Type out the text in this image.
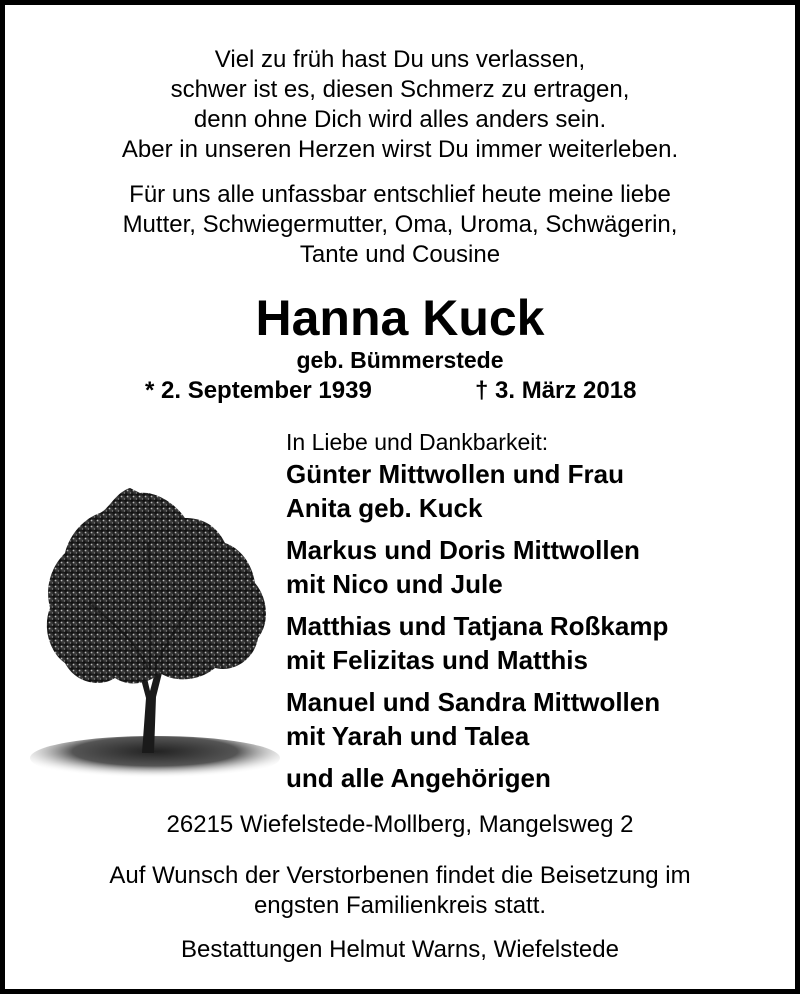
Viel zu früh hast Du uns verlassen,
schwer ist es, diesen Schmerz zu ertragen,
denn ohne Dich wird alles anders sein.
Aber in unseren Herzen wirst Du immer weiterleben.
Für uns alle unfassbar entschlief heute meine liebe
Mutter, Schwiegermutter, Oma, Uroma, Schwägerin,
Tante und Cousine
Hanna Kuck
geb. Bümmerstede
* 2. September 1939	† 3. März 2018
In Liebe und Dankbarkeit:
Günter Mittwollen und Frau
Anita geb. Kuck
Markus und Doris Mittwollen
mit Nico und Jule
Matthias und Tatjana Roßkamp
mit Felizitas und Matthis
Manuel und Sandra Mittwollen
mit Yarah und Talea
und alle Angehörigen
26215 Wiefelstede-Mollberg, Mangelsweg 2
Auf Wunsch der Verstorbenen findet die Beisetzung im
engsten Familienkreis statt.
Bestattungen Helmut Warns, Wiefelstede
